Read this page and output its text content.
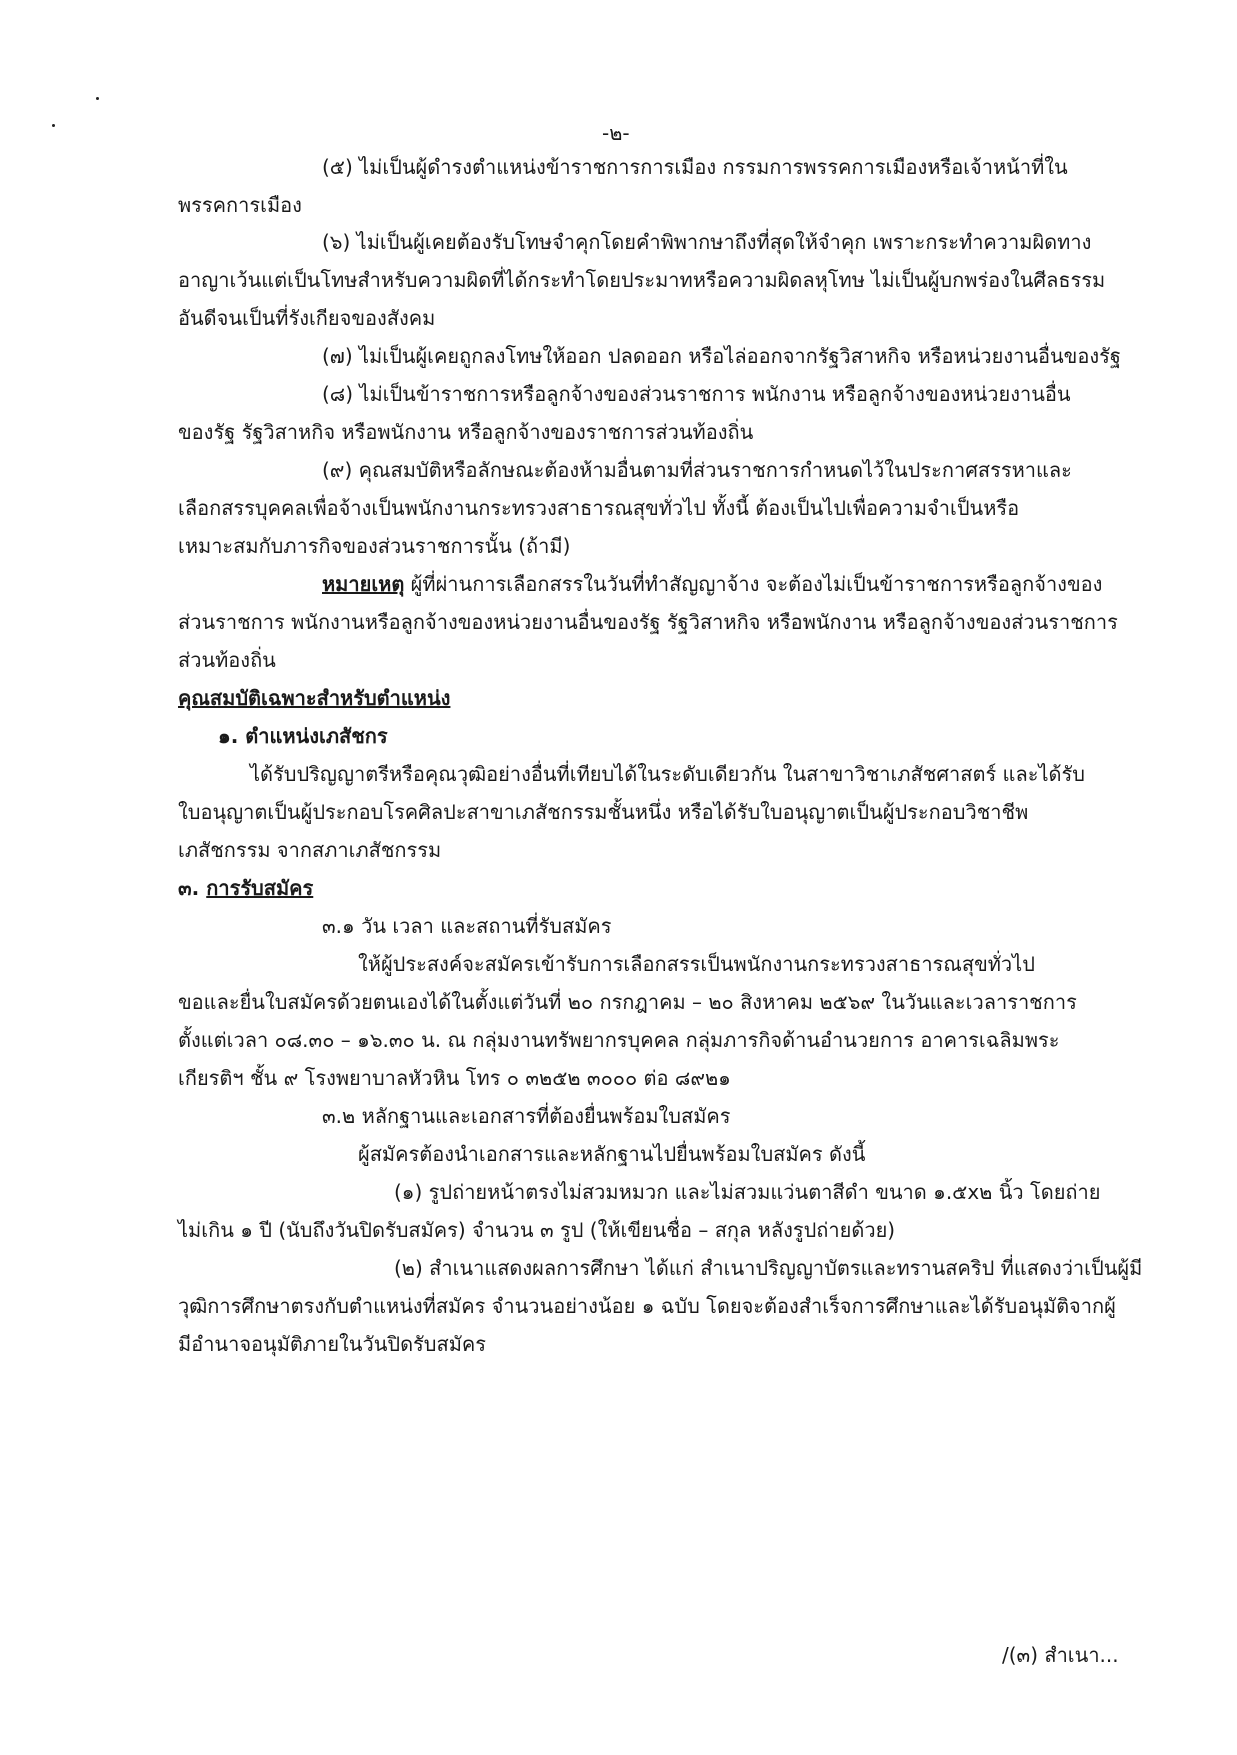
-๒-
(๕) ไม่เป็นผู้ดำรงตำแหน่งข้าราชการการเมือง กรรมการพรรคการเมืองหรือเจ้าหน้าที่ใน
พรรคการเมือง
(๖) ไม่เป็นผู้เคยต้องรับโทษจำคุกโดยคำพิพากษาถึงที่สุดให้จำคุก เพราะกระทำความผิดทาง
อาญาเว้นแต่เป็นโทษสำหรับความผิดที่ได้กระทำโดยประมาทหรือความผิดลหุโทษ ไม่เป็นผู้บกพร่องในศีลธรรม
อันดีจนเป็นที่รังเกียจของสังคม
(๗) ไม่เป็นผู้เคยถูกลงโทษให้ออก ปลดออก หรือไล่ออกจากรัฐวิสาหกิจ หรือหน่วยงานอื่นของรัฐ
(๘) ไม่เป็นข้าราชการหรือลูกจ้างของส่วนราชการ พนักงาน หรือลูกจ้างของหน่วยงานอื่น
ของรัฐ รัฐวิสาหกิจ หรือพนักงาน หรือลูกจ้างของราชการส่วนท้องถิ่น
(๙) คุณสมบัติหรือลักษณะต้องห้ามอื่นตามที่ส่วนราชการกำหนดไว้ในประกาศสรรหาและ
เลือกสรรบุคคลเพื่อจ้างเป็นพนักงานกระทรวงสาธารณสุขทั่วไป ทั้งนี้ ต้องเป็นไปเพื่อความจำเป็นหรือ
เหมาะสมกับภารกิจของส่วนราชการนั้น (ถ้ามี)
หมายเหตุ ผู้ที่ผ่านการเลือกสรรในวันที่ทำสัญญาจ้าง จะต้องไม่เป็นข้าราชการหรือลูกจ้างของ
ส่วนราชการ พนักงานหรือลูกจ้างของหน่วยงานอื่นของรัฐ รัฐวิสาหกิจ หรือพนักงาน หรือลูกจ้างของส่วนราชการ
ส่วนท้องถิ่น
คุณสมบัติเฉพาะสำหรับตำแหน่ง
๑. ตำแหน่งเภสัชกร
ได้รับปริญญาตรีหรือคุณวุฒิอย่างอื่นที่เทียบได้ในระดับเดียวกัน ในสาขาวิชาเภสัชศาสตร์ และได้รับ
ใบอนุญาตเป็นผู้ประกอบโรคศิลปะสาขาเภสัชกรรมชั้นหนึ่ง หรือได้รับใบอนุญาตเป็นผู้ประกอบวิชาชีพ
เภสัชกรรม จากสภาเภสัชกรรม
๓. การรับสมัคร
๓.๑ วัน เวลา และสถานที่รับสมัคร
ให้ผู้ประสงค์จะสมัครเข้ารับการเลือกสรรเป็นพนักงานกระทรวงสาธารณสุขทั่วไป
ขอและยื่นใบสมัครด้วยตนเองได้ในตั้งแต่วันที่ ๒๐ กรกฎาคม – ๒๐ สิงหาคม ๒๕๖๙ ในวันและเวลาราชการ
ตั้งแต่เวลา ๐๘.๓๐ – ๑๖.๓๐ น. ณ กลุ่มงานทรัพยากรบุคคล กลุ่มภารกิจด้านอำนวยการ อาคารเฉลิมพระ
เกียรติฯ ชั้น ๙ โรงพยาบาลหัวหิน โทร ๐ ๓๒๕๒ ๓๐๐๐ ต่อ ๘๙๒๑
๓.๒ หลักฐานและเอกสารที่ต้องยื่นพร้อมใบสมัคร
ผู้สมัครต้องนำเอกสารและหลักฐานไปยื่นพร้อมใบสมัคร ดังนี้
(๑) รูปถ่ายหน้าตรงไม่สวมหมวก และไม่สวมแว่นตาสีดำ ขนาด ๑.๕x๒ นิ้ว โดยถ่าย
ไม่เกิน ๑ ปี (นับถึงวันปิดรับสมัคร) จำนวน ๓ รูป (ให้เขียนชื่อ – สกุล หลังรูปถ่ายด้วย)
(๒) สำเนาแสดงผลการศึกษา ได้แก่ สำเนาปริญญาบัตรและทรานสคริป ที่แสดงว่าเป็นผู้มี
วุฒิการศึกษาตรงกับตำแหน่งที่สมัคร จำนวนอย่างน้อย ๑ ฉบับ โดยจะต้องสำเร็จการศึกษาและได้รับอนุมัติจากผู้
มีอำนาจอนุมัติภายในวันปิดรับสมัคร
/(๓) สำเนา...
